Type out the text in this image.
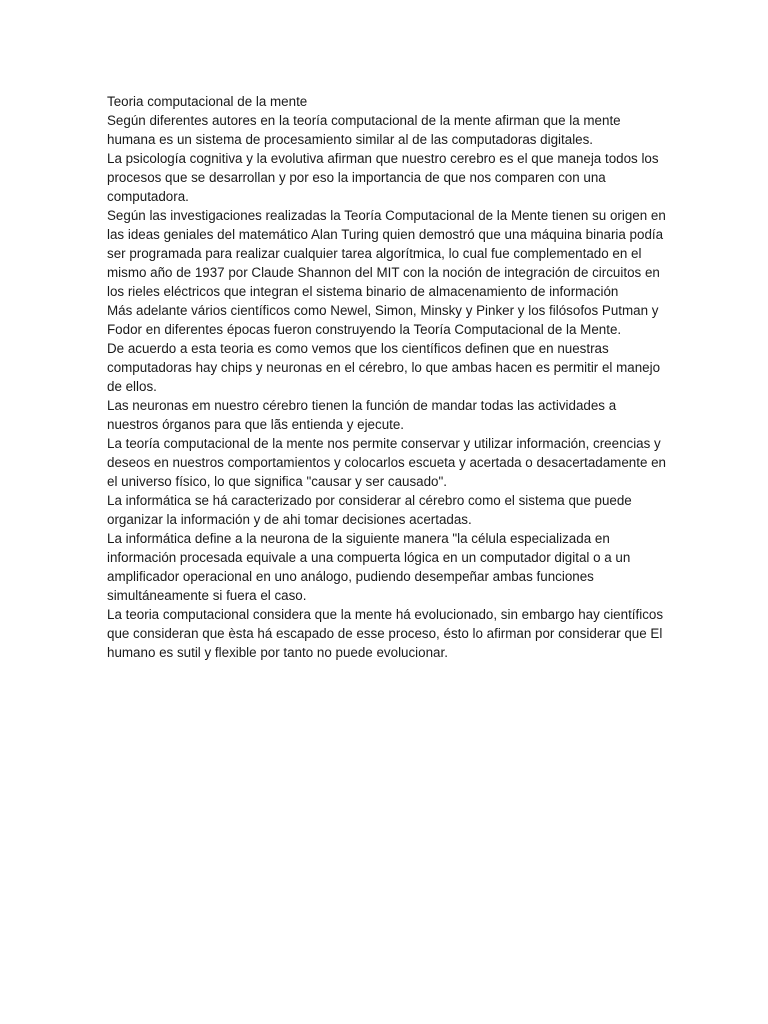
Teoria computacional de la mente

Según diferentes autores en la teoría computacional de la mente afirman que la mente humana es un sistema de procesamiento similar al de las computadoras digitales.

La psicología cognitiva y la evolutiva afirman que nuestro cerebro es el que maneja todos los procesos que se desarrollan y por eso la importancia de que nos comparen con una computadora.

Según las investigaciones realizadas la Teoría Computacional de la Mente tienen su origen en las ideas geniales del matemático Alan Turing quien demostró que una máquina binaria podía ser programada para realizar cualquier tarea algorítmica, lo cual fue complementado en el mismo año de 1937 por Claude Shannon del MIT con la noción de integración de circuitos en los rieles eléctricos que integran el sistema binario de almacenamiento de información

Más adelante vários científicos como Newel, Simon, Minsky y Pinker y los filósofos Putman y Fodor en diferentes épocas fueron construyendo la Teoría Computacional de la Mente.

De acuerdo a esta teoria es como vemos que los científicos definen que en nuestras computadoras hay chips y neuronas en el cérebro, lo que ambas hacen es permitir el manejo de ellos.

Las neuronas em nuestro cérebro tienen la función de mandar todas las actividades a nuestros órganos para que lãs entienda y ejecute.

La teoría computacional de la mente nos permite conservar y utilizar información, creencias y deseos en nuestros comportamientos y colocarlos escueta y acertada o desacertadamente en el universo físico, lo que significa "causar y ser causado".

La informática se há caracterizado por considerar al cérebro como el sistema que puede organizar la información y de ahi tomar decisiones acertadas.

La informática define a la neurona de la siguiente manera "la célula especializada en información procesada equivale a una compuerta lógica en un computador digital o a un amplificador operacional en uno análogo, pudiendo desempeñar ambas funciones simultáneamente si fuera el caso.

La teoria computacional considera que la mente há evolucionado, sin embargo hay científicos que consideran que èsta há escapado de esse proceso, ésto lo afirman por considerar que El humano es sutil y flexible por tanto no puede evolucionar.
